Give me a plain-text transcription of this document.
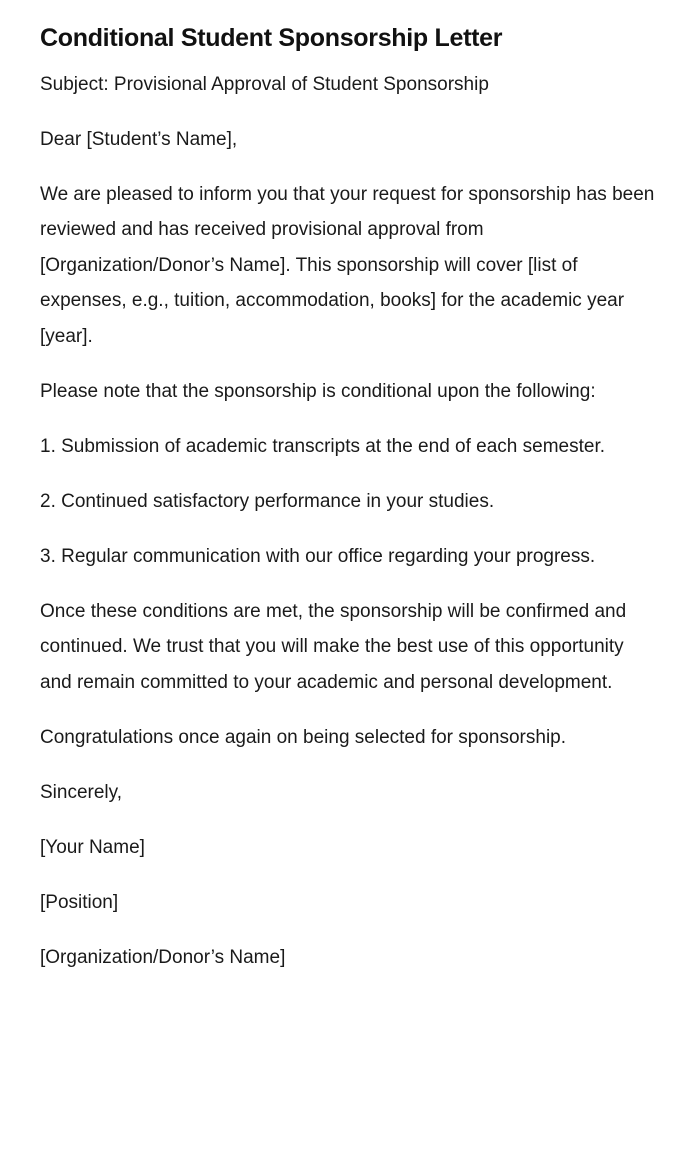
Conditional Student Sponsorship Letter

Subject: Provisional Approval of Student Sponsorship

Dear [Student’s Name],

We are pleased to inform you that your request for sponsorship has been reviewed and has received provisional approval from [Organization/Donor’s Name]. This sponsorship will cover [list of expenses, e.g., tuition, accommodation, books] for the academic year [year].

Please note that the sponsorship is conditional upon the following:

1. Submission of academic transcripts at the end of each semester.

2. Continued satisfactory performance in your studies.

3. Regular communication with our office regarding your progress.

Once these conditions are met, the sponsorship will be confirmed and continued. We trust that you will make the best use of this opportunity and remain committed to your academic and personal development.

Congratulations once again on being selected for sponsorship.

Sincerely,

[Your Name]

[Position]

[Organization/Donor’s Name]
